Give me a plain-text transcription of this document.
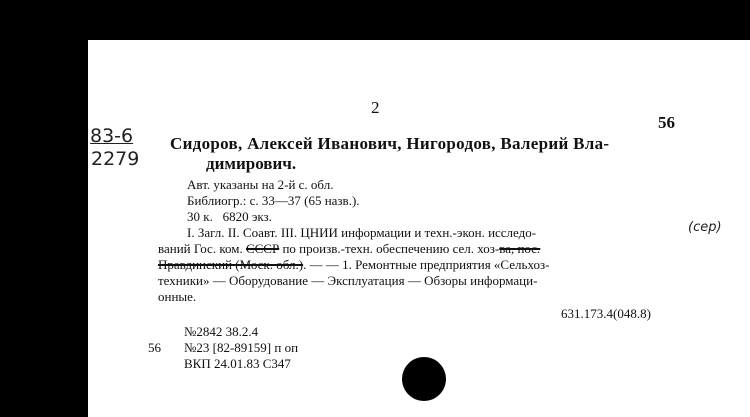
2
56
83-6
2279
Сидоров, Алексей Иванович, Нигородов, Валерий Вла-
димирович.
Авт. указаны на 2-й с. обл.
Библиогр.: с. 33—37 (65 назв.).
30 к.   6820 экз.
I. Загл. II. Соавт. III. ЦНИИ информации и техн.-экон. исследо-
ваний Гос. ком. СССР по произв.-техн. обеспечению сел. хоз-ва, пос.
(сер)
Правдинский (Моск. обл.). — — 1. Ремонтные предприятия «Сельхоз-
техники» — Оборудование — Эксплуатация — Обзоры информаци-
онные.
631.173.4(048.8)
№2842 38.2.4
56 №23 [82-89159] п оп
ВКП 24.01.83 С347
